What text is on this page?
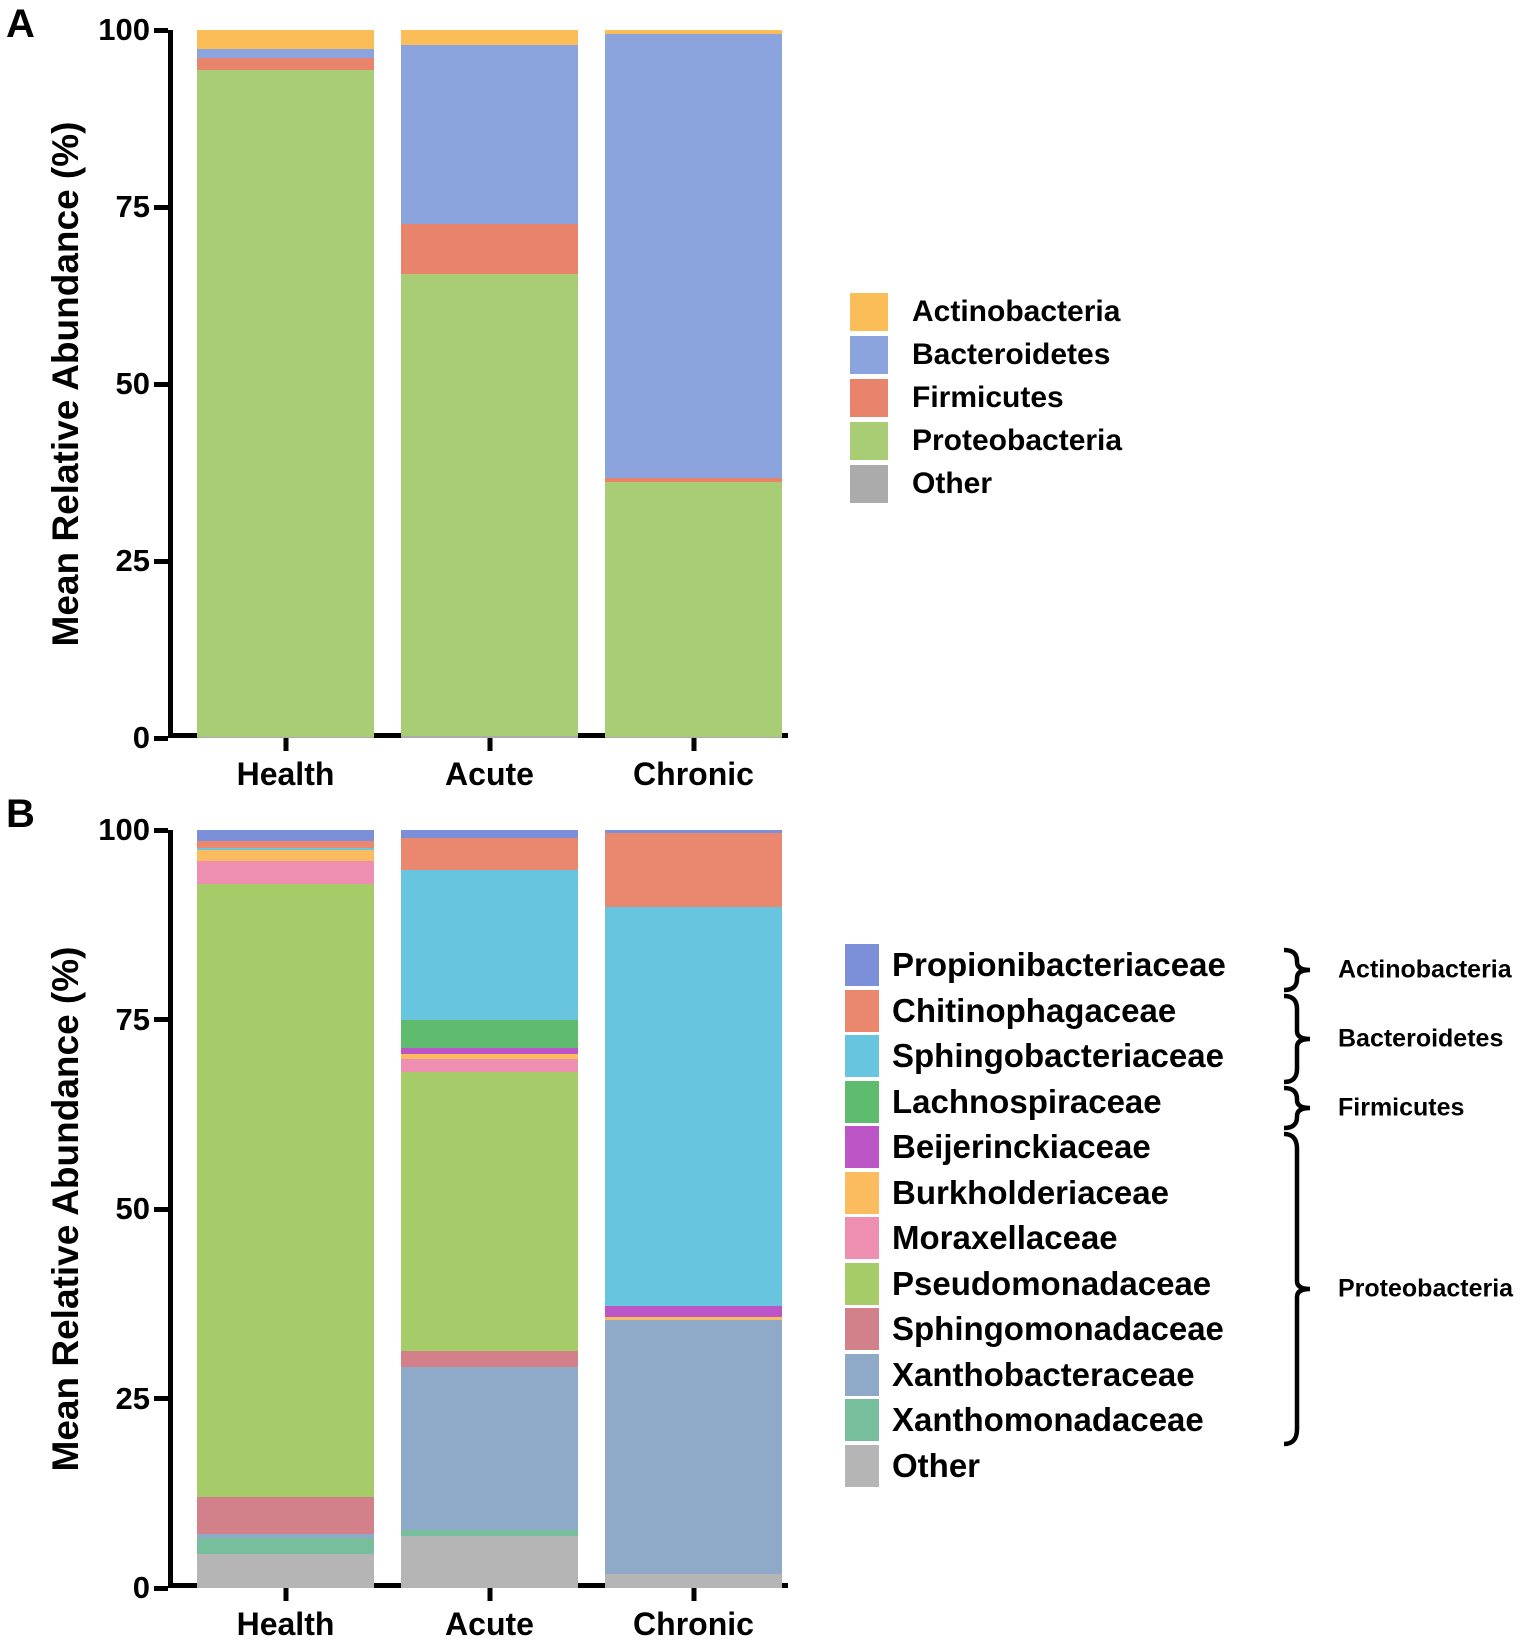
A
0
25
50
75
100
Mean Relative Abundance (%)
Health	Acute	Chronic
B
0
25
50
75
100
Mean Relative Abundance (%)
Health	Acute	Chronic
Actinobacteria
Bacteroidetes
Firmicutes
Proteobacteria
Other
Propionibacteriaceae
Chitinophagaceae
Sphingobacteriaceae
Lachnospiraceae
Beijerinckiaceae
Burkholderiaceae
Moraxellaceae
Pseudomonadaceae
Sphingomonadaceae
Xanthobacteraceae
Xanthomonadaceae
Other
Actinobacteria
Bacteroidetes
Firmicutes
Proteobacteria
